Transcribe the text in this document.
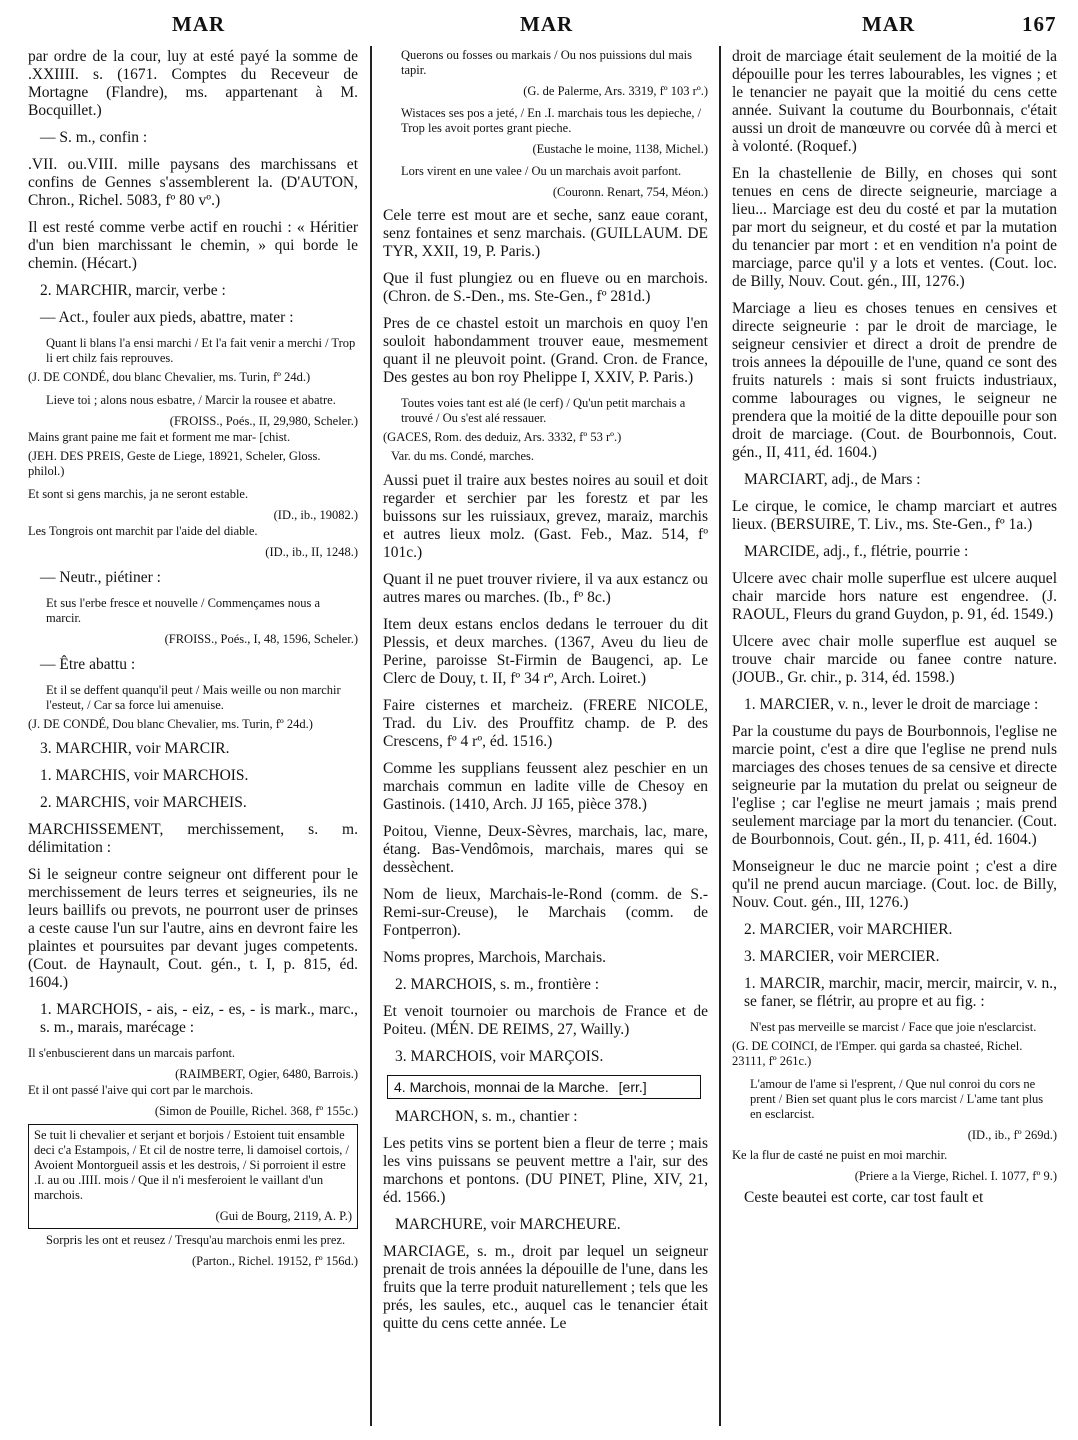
MAR	MAR	MAR	167

par ordre de la cour, luy at esté payé la somme de .XXIIII. s. (1671. Comptes du Receveur de Mortagne (Flandre), ms. appartenant à M. Bocquillet.)

— S. m., confin :

.VII. ou.VIII. mille paysans des marchissans et confins de Gennes s'assemblerent la. (D'AUTON, Chron., Richel. 5083, fº 80 vº.)

Il est resté comme verbe actif en rouchi : « Héritier d'un bien marchissant le chemin, » qui borde le chemin. (Hécart.)

2. MARCHIR, marcir, verbe :

— Act., fouler aux pieds, abattre, mater :

Quant li blans l'a ensi marchi / Et l'a fait venir a merchi / Trop li ert chilz fais reprouves.

(J. DE CONDÉ, dou blanc Chevalier, ms. Turin, fº 24d.)

Lieve toi ; alons nous esbatre, / Marcir la rousee et abatre.

(FROISS., Poés., II, 29,980, Scheler.)

Mains grant paine me fait et forment me mar- [chist.

(JEH. DES PREIS, Geste de Liege, 18921, Scheler, Gloss. philol.)

Et sont si gens marchis, ja ne seront estable.

(ID., ib., 19082.)

Les Tongrois ont marchit par l'aide del diable.

(ID., ib., II, 1248.)

— Neutr., piétiner :

Et sus l'erbe fresce et nouvelle / Commençames nous a marcir.

(FROISS., Poés., I, 48, 1596, Scheler.)

— Être abattu :

Et il se deffent quanqu'il peut / Mais weille ou non marchir l'esteut, / Car sa force lui amenuise.

(J. DE CONDÉ, Dou blanc Chevalier, ms. Turin, fº 24d.)

3. MARCHIR, voir MARCIR.

1. MARCHIS, voir MARCHOIS.

2. MARCHIS, voir MARCHEIS.

MARCHISSEMENT, merchissement, s. m. délimitation :

Si le seigneur contre seigneur ont different pour le merchissement de leurs terres et seigneuries, ils ne leurs baillifs ou prevots, ne pourront user de prinses a ceste cause l'un sur l'autre, ains en devront faire les plaintes et poursuites par devant juges competents. (Cout. de Haynault, Cout. gén., t. I, p. 815, éd. 1604.)

1. MARCHOIS, - ais, - eiz, - es, - is mark., marc., s. m., marais, marécage :

Il s'enbuscierent dans un marcais parfont.

(RAIMBERT, Ogier, 6480, Barrois.)

Et il ont passé l'aive qui cort par le marchois.

(Simon de Pouille, Richel. 368, fº 155c.)

Se tuit li chevalier et serjant et borjois / Estoient tuit ensamble deci c'a Estampois, / Et cil de nostre terre, li damoisel cortois, / Avoient Montorgueil assis et les destrois, / Si porroient il estre .I. au ou .IIII. mois / Que il n'i mesferoient le vaillant d'un marchois.

(Gui de Bourg, 2119, A. P.)

Sorpris les ont et reusez / Tresqu'au marchois enmi les prez.

(Parton., Richel. 19152, fº 156d.)

Querons ou fosses ou markais / Ou nos puissions dul mais tapir.

(G. de Palerme, Ars. 3319, fº 103 rº.)

Wistaces ses pos a jeté, / En .I. marchais tous les depieche, / Trop les avoit portes grant pieche.

(Eustache le moine, 1138, Michel.)

Lors virent en une valee / Ou un marchais avoit parfont.

(Couronn. Renart, 754, Méon.)

Cele terre est mout are et seche, sanz eaue corant, senz fontaines et senz marchais. (GUILLAUM. DE TYR, XXII, 19, P. Paris.)

Que il fust plungiez ou en flueve ou en marchois. (Chron. de S.-Den., ms. Ste-Gen., fº 281d.)

Pres de ce chastel estoit un marchois en quoy l'en souloit habondamment trouver eaue, mesmement quant il ne pleuvoit point. (Grand. Cron. de France, Des gestes au bon roy Phelippe I, XXIV, P. Paris.)

Toutes voies tant est alé (le cerf) / Qu'un petit marchais a trouvé / Ou s'est alé ressauer.

(GACES, Rom. des deduiz, Ars. 3332, fº 53 rº.)

Var. du ms. Condé, marches.

Aussi puet il traire aux bestes noires au souil et doit regarder et serchier par les forestz et par les buissons sur les ruissiaux, grevez, maraiz, marchis et autres lieux molz. (Gast. Feb., Maz. 514, fº 101c.)

Quant il ne puet trouver riviere, il va aux estancz ou autres mares ou marches. (Ib., fº 8c.)

Item deux estans enclos dedans le terrouer du dit Plessis, et deux marches. (1367, Aveu du lieu de Perine, paroisse St-Firmin de Baugenci, ap. Le Clerc de Douy, t. II, fº 34 rº, Arch. Loiret.)

Faire cisternes et marcheiz. (FRERE NICOLE, Trad. du Liv. des Prouffitz champ. de P. des Crescens, fº 4 rº, éd. 1516.)

Comme les supplians feussent alez peschier en un marchais commun en ladite ville de Chesoy en Gastinois. (1410, Arch. JJ 165, pièce 378.)

Poitou, Vienne, Deux-Sèvres, marchais, lac, mare, étang. Bas-Vendômois, marchais, mares qui se dessèchent.

Nom de lieux, Marchais-le-Rond (comm. de S.-Remi-sur-Creuse), le Marchais (comm. de Fontperron).

Noms propres, Marchois, Marchais.

2. MARCHOIS, s. m., frontière :

Et venoit tournoier ou marchois de France et de Poiteu. (MÉN. DE REIMS, 27, Wailly.)

3. MARCHOIS, voir MARÇOIS.

4. Marchois, monnai de la Marche. [err.]

MARCHON, s. m., chantier :

Les petits vins se portent bien a fleur de terre ; mais les vins puissans se peuvent mettre a l'air, sur des marchons et pontons. (DU PINET, Pline, XIV, 21, éd. 1566.)

MARCHURE, voir MARCHEURE.

MARCIAGE, s. m., droit par lequel un seigneur prenait de trois années la dépouille de l'une, dans les fruits que la terre produit naturellement ; tels que les prés, les saules, etc., auquel cas le tenancier était quitte du cens cette année. Le

droit de marciage était seulement de la moitié de la dépouille pour les terres labourables, les vignes ; et le tenancier ne payait que la moitié du cens cette année. Suivant la coutume du Bourbonnais, c'était aussi un droit de manœuvre ou corvée dû à merci et à volonté. (Roquef.)

En la chastellenie de Billy, en choses qui sont tenues en cens de directe seigneurie, marciage a lieu... Marciage est deu du costé et par la mutation par mort du seigneur, et du costé et par la mutation du tenancier par mort : et en vendition n'a point de marciage, parce qu'il y a lots et ventes. (Cout. loc. de Billy, Nouv. Cout. gén., III, 1276.)

Marciage a lieu es choses tenues en censives et directe seigneurie : par le droit de marciage, le seigneur censivier et direct a droit de prendre de trois annees la dépouille de l'une, quand ce sont des fruits naturels : mais si sont fruicts industriaux, comme labourages ou vignes, le seigneur ne prendera que la moitié de la ditte depouille pour son droit de marciage. (Cout. de Bourbonnois, Cout. gén., II, 411, éd. 1604.)

MARCIART, adj., de Mars :

Le cirque, le comice, le champ marciart et autres lieux. (BERSUIRE, T. Liv., ms. Ste-Gen., fº 1a.)

MARCIDE, adj., f., flétrie, pourrie :

Ulcere avec chair molle superflue est ulcere auquel chair marcide hors nature est engendree. (J. RAOUL, Fleurs du grand Guydon, p. 91, éd. 1549.)

Ulcere avec chair molle superflue est auquel se trouve chair marcide ou fanee contre nature. (JOUB., Gr. chir., p. 314, éd. 1598.)

1. MARCIER, v. n., lever le droit de marciage :

Par la coustume du pays de Bourbonnois, l'eglise ne marcie point, c'est a dire que l'eglise ne prend nuls marciages des choses tenues de sa censive et directe seigneurie par la mutation du prelat ou seigneur de l'eglise ; car l'eglise ne meurt jamais ; mais prend seulement marciage par la mort du tenancier. (Cout. de Bourbonnois, Cout. gén., II, p. 411, éd. 1604.)

Monseigneur le duc ne marcie point ; c'est a dire qu'il ne prend aucun marciage. (Cout. loc. de Billy, Nouv. Cout. gén., III, 1276.)

2. MARCIER, voir MARCHIER.

3. MARCIER, voir MERCIER.

1. MARCIR, marchir, macir, mercir, maircir, v. n., se faner, se flétrir, au propre et au fig. :

N'est pas merveille se marcist / Face que joie n'esclarcist.

(G. DE COINCI, de l'Emper. qui garda sa chasteé, Richel. 23111, fº 261c.)

L'amour de l'ame si l'esprent, / Que nul conroi du cors ne prent / Bien set quant plus le cors marcist / L'ame tant plus en esclarcist.

(ID., ib., fº 269d.)

Ke la flur de casté ne puist en moi marchir.

(Priere a la Vierge, Richel. I. 1077, fº 9.)

Ceste beautei est corte, car tost fault et
